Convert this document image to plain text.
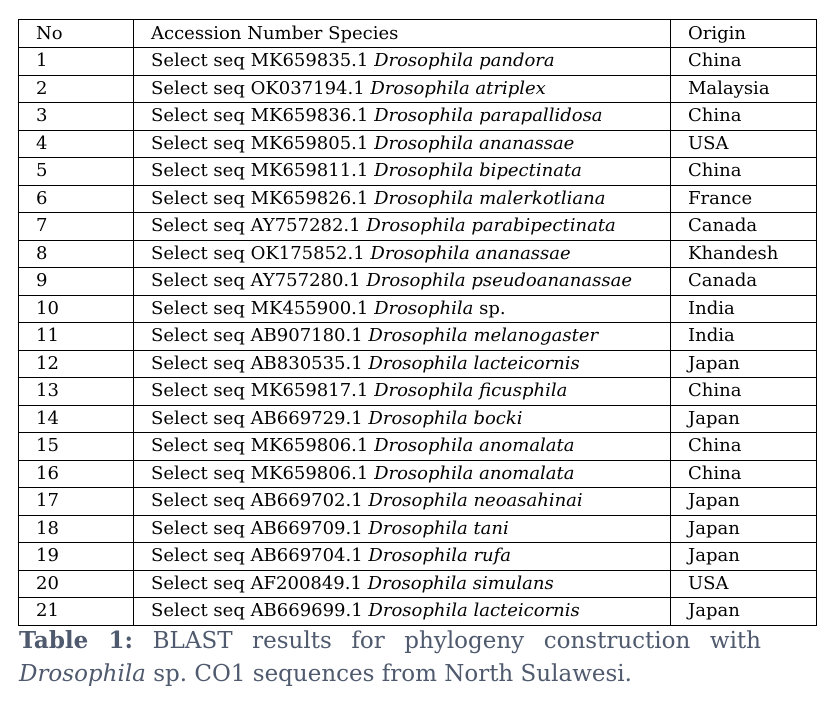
No	Accession Number Species	Origin
1	Select seq MK659835.1 Drosophila pandora	China
2	Select seq OK037194.1 Drosophila atriplex	Malaysia
3	Select seq MK659836.1 Drosophila parapallidosa	China
4	Select seq MK659805.1 Drosophila ananassae	USA
5	Select seq MK659811.1 Drosophila bipectinata	China
6	Select seq MK659826.1 Drosophila malerkotliana	France
7	Select seq AY757282.1 Drosophila parabipectinata	Canada
8	Select seq OK175852.1 Drosophila ananassae	Khandesh
9	Select seq AY757280.1 Drosophila pseudoananassae	Canada
10	Select seq MK455900.1 Drosophila sp.	India
11	Select seq AB907180.1 Drosophila melanogaster	India
12	Select seq AB830535.1 Drosophila lacteicornis	Japan
13	Select seq MK659817.1 Drosophila ficusphila	China
14	Select seq AB669729.1 Drosophila bocki	Japan
15	Select seq MK659806.1 Drosophila anomalata	China
16	Select seq MK659806.1 Drosophila anomalata	China
17	Select seq AB669702.1 Drosophila neoasahinai	Japan
18	Select seq AB669709.1 Drosophila tani	Japan
19	Select seq AB669704.1 Drosophila rufa	Japan
20	Select seq AF200849.1 Drosophila simulans	USA
21	Select seq AB669699.1 Drosophila lacteicornis	Japan
Table 1: BLAST results for phylogeny construction with
Drosophila sp. CO1 sequences from North Sulawesi.
